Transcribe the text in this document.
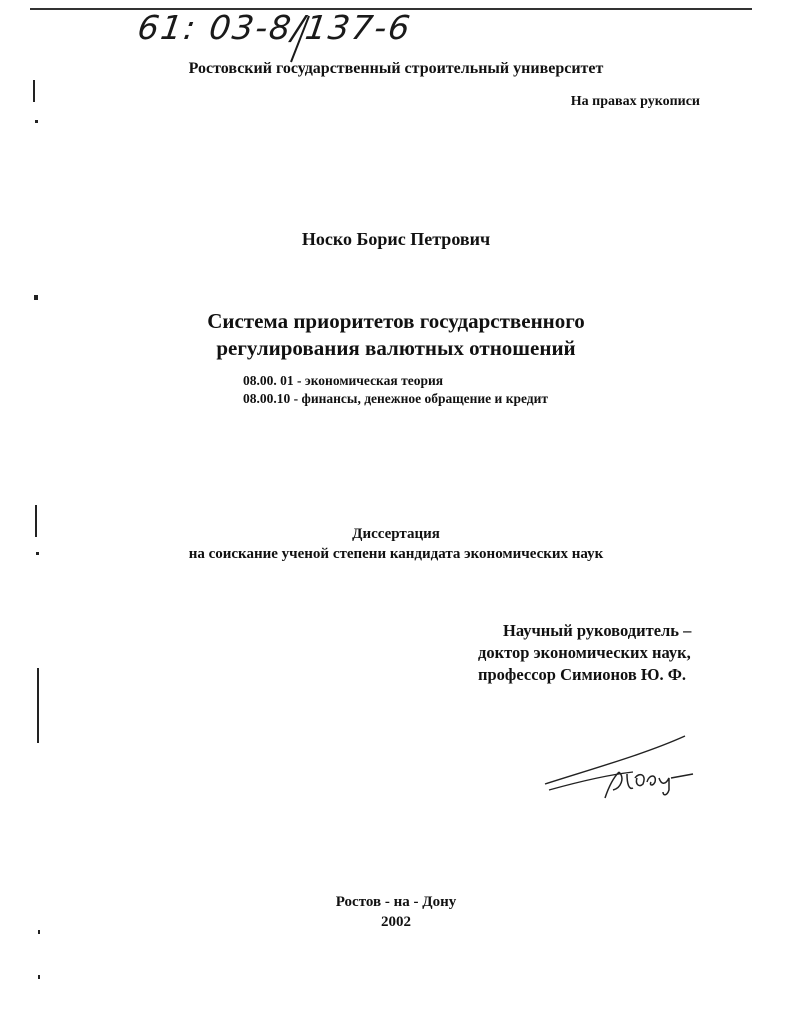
61: 03-8/137-6
Ростовский государственный строительный университет
На правах рукописи
Носко Борис Петрович
Система приоритетов государственного
регулирования валютных отношений
08.00. 01 - экономическая теория
08.00.10 - финансы, денежное обращение и кредит
Диссертация
на соискание ученой степени кандидата экономических наук
Научный руководитель –
доктор экономических наук,
профессор Симионов Ю. Ф.
Ростов - на - Дону
2002
